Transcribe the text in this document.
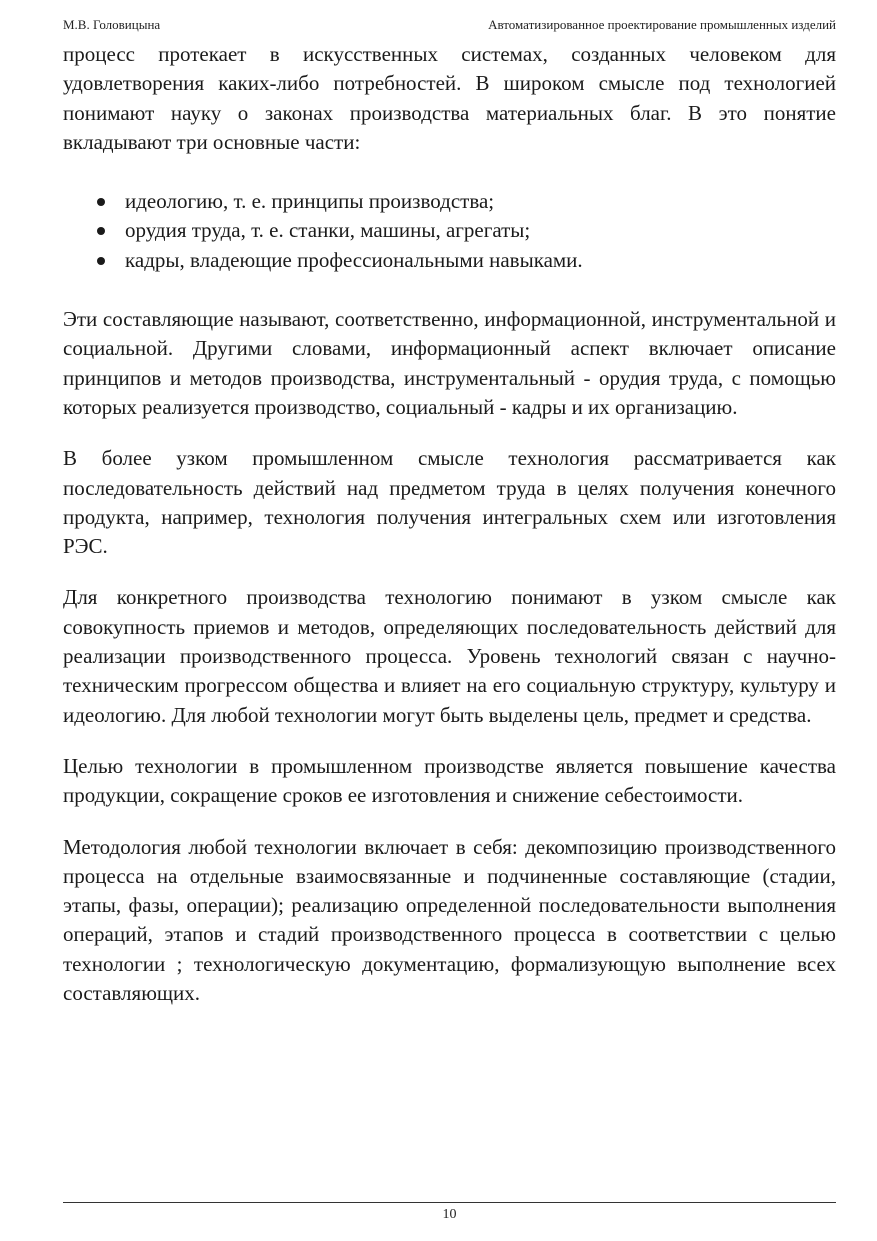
М.В. Головицына	Автоматизированное проектирование промышленных изделий

процесс протекает в искусственных системах, созданных человеком для удовлетворения каких-либо потребностей. В широком смысле под технологией понимают науку о законах производства материальных благ. В это понятие вкладывают три основные части:

идеологию, т. е. принципы производства;
орудия труда, т. е. станки, машины, агрегаты;
кадры, владеющие профессиональными навыками.

Эти составляющие называют, соответственно, информационной, инструментальной и социальной. Другими словами, информационный аспект включает описание принципов и методов производства, инструментальный - орудия труда, с помощью которых реализуется производство, социальный - кадры и их организацию.

В более узком промышленном смысле технология рассматривается как последовательность действий над предметом труда в целях получения конечного продукта, например, технология получения интегральных схем или изготовления РЭС.

Для конкретного производства технологию понимают в узком смысле как совокупность приемов и методов, определяющих последовательность действий для реализации производственного процесса. Уровень технологий связан с научно-техническим прогрессом общества и влияет на его социальную структуру, культуру и идеологию. Для любой технологии могут быть выделены цель, предмет и средства.

Целью технологии в промышленном производстве является повышение качества продукции, сокращение сроков ее изготовления и снижение себестоимости.

Методология любой технологии включает в себя: декомпозицию производственного процесса на отдельные взаимосвязанные и подчиненные составляющие (стадии, этапы, фазы, операции); реализацию определенной последовательности выполнения операций, этапов и стадий производственного процесса в соответствии с целью технологии ; технологическую документацию, формализующую выполнение всех составляющих.

10
